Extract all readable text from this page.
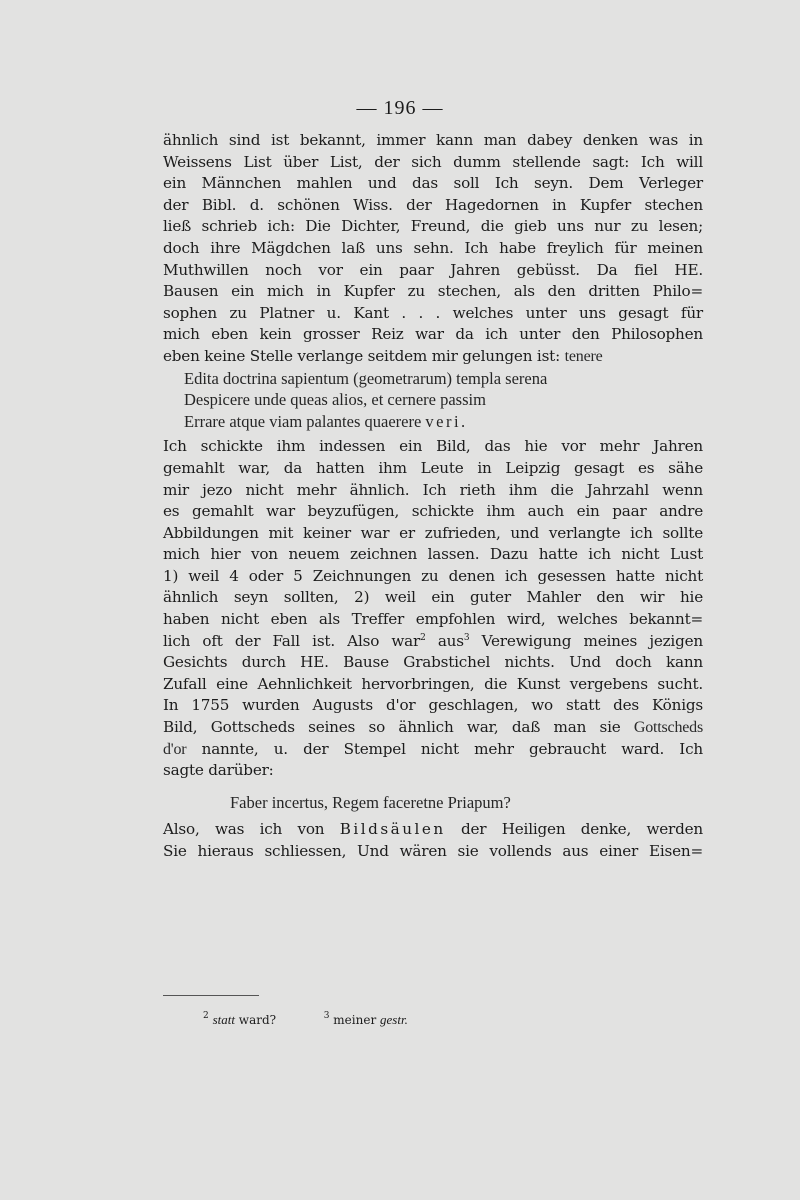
— 196 —
ähnlich sind ist bekannt, immer kann man dabey denken was in
Weissens List über List, der sich dumm stellende sagt: Ich will
ein Männchen mahlen und das soll Ich seyn. Dem Verleger
der Bibl. d. schönen Wiss. der Hagedornen in Kupfer stechen
ließ schrieb ich: Die Dichter, Freund, die gieb uns nur zu lesen;
doch ihre Mägdchen laß uns sehn. Ich habe freylich für meinen
Muthwillen noch vor ein paar Jahren gebüsst. Da fiel HE.
Bausen ein mich in Kupfer zu stechen, als den dritten Philo=
sophen zu Platner u. Kant . . . welches unter uns gesagt für
mich eben kein grosser Reiz war da ich unter den Philosophen
eben keine Stelle verlange seitdem mir gelungen ist: tenere
Edita doctrina sapientum (geometrarum) templa serena
Despicere unde queas alios, et cernere passim
Errare atque viam palantes quaerere veri.
Ich schickte ihm indessen ein Bild, das hie vor mehr Jahren
gemahlt war, da hatten ihm Leute in Leipzig gesagt es sähe
mir jezo nicht mehr ähnlich. Ich rieth ihm die Jahrzahl wenn
es gemahlt war beyzufügen, schickte ihm auch ein paar andre
Abbildungen mit keiner war er zufrieden, und verlangte ich sollte
mich hier von neuem zeichnen lassen. Dazu hatte ich nicht Lust
1) weil 4 oder 5 Zeichnungen zu denen ich gesessen hatte nicht
ähnlich seyn sollten, 2) weil ein guter Mahler den wir hie
haben nicht eben als Treffer empfohlen wird, welches bekannt=
lich oft der Fall ist. Also war$^2$ aus$^3$ Verewigung meines jezigen
Gesichts durch HE. Bause Grabstichel nichts. Und doch kann
Zufall eine Aehnlichkeit hervorbringen, die Kunst vergebens sucht.
In 1755 wurden Augusts d'or geschlagen, wo statt des Königs
Bild, Gottscheds seines so ähnlich war, daß man sie Gottscheds
d'or nannte, u. der Stempel nicht mehr gebraucht ward. Ich
sagte darüber:
Faber incertus, Regem faceretne Priapum?
Also, was ich von Bildsäulen der Heiligen denke, werden
Sie hieraus schliessen, Und wären sie vollends aus einer Eisen=
$^2$ statt ward?	$^3$ meiner gestr.
